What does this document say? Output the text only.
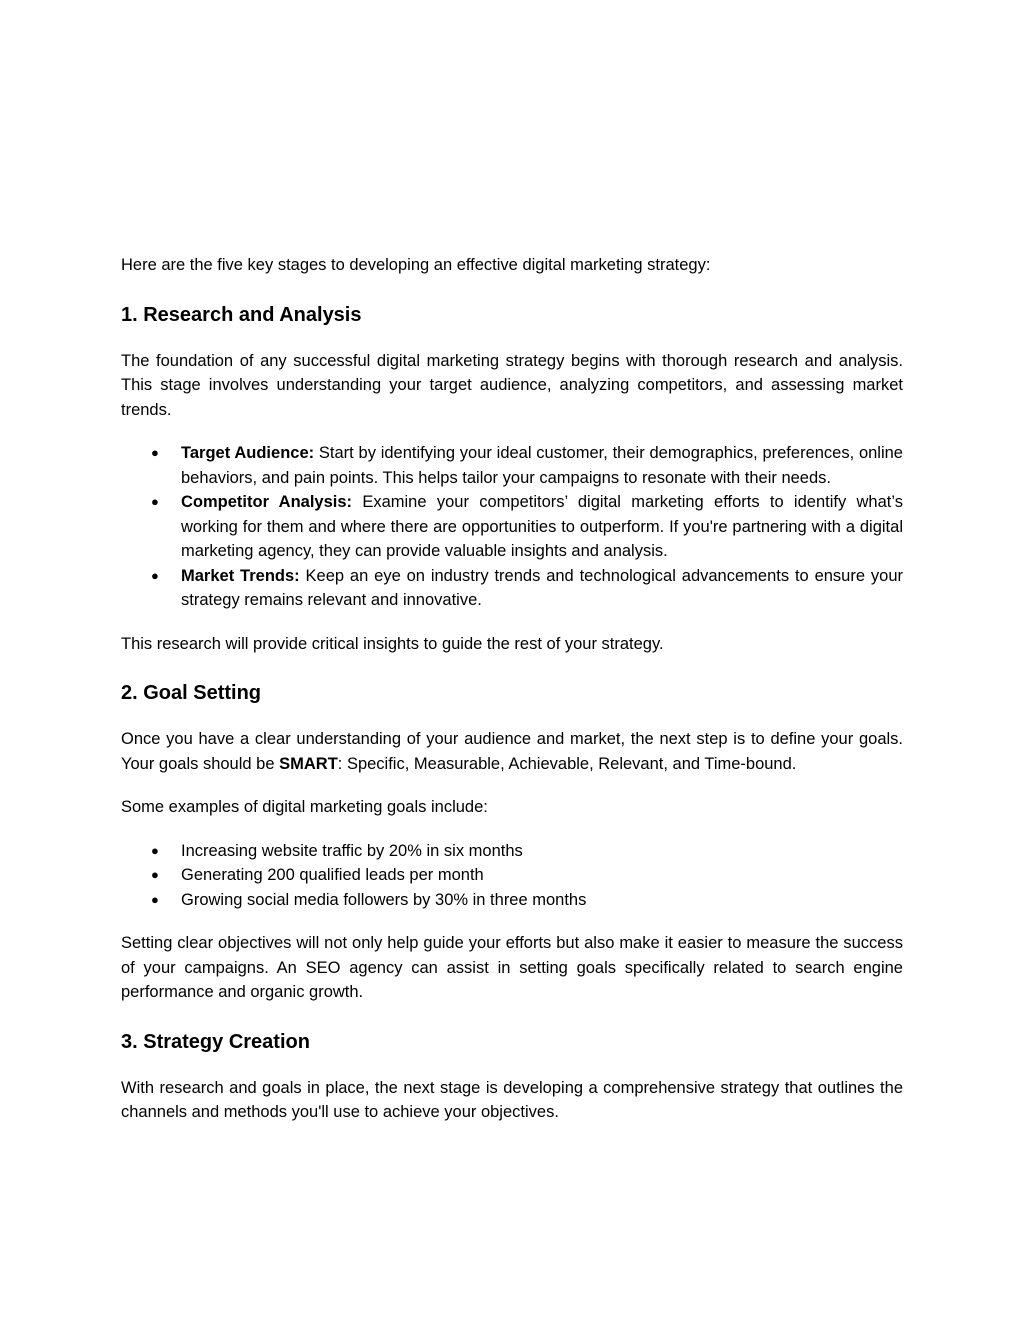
Here are the five key stages to developing an effective digital marketing strategy:

1. Research and Analysis

The foundation of any successful digital marketing strategy begins with thorough research and analysis. This stage involves understanding your target audience, analyzing competitors, and assessing market trends.

● Target Audience: Start by identifying your ideal customer, their demographics, preferences, online behaviors, and pain points. This helps tailor your campaigns to resonate with their needs.
● Competitor Analysis: Examine your competitors’ digital marketing efforts to identify what’s working for them and where there are opportunities to outperform. If you're partnering with a digital marketing agency, they can provide valuable insights and analysis.
● Market Trends: Keep an eye on industry trends and technological advancements to ensure your strategy remains relevant and innovative.

This research will provide critical insights to guide the rest of your strategy.

2. Goal Setting

Once you have a clear understanding of your audience and market, the next step is to define your goals. Your goals should be SMART: Specific, Measurable, Achievable, Relevant, and Time-bound.

Some examples of digital marketing goals include:

● Increasing website traffic by 20% in six months
● Generating 200 qualified leads per month
● Growing social media followers by 30% in three months

Setting clear objectives will not only help guide your efforts but also make it easier to measure the success of your campaigns. An SEO agency can assist in setting goals specifically related to search engine performance and organic growth.

3. Strategy Creation

With research and goals in place, the next stage is developing a comprehensive strategy that outlines the channels and methods you'll use to achieve your objectives.
